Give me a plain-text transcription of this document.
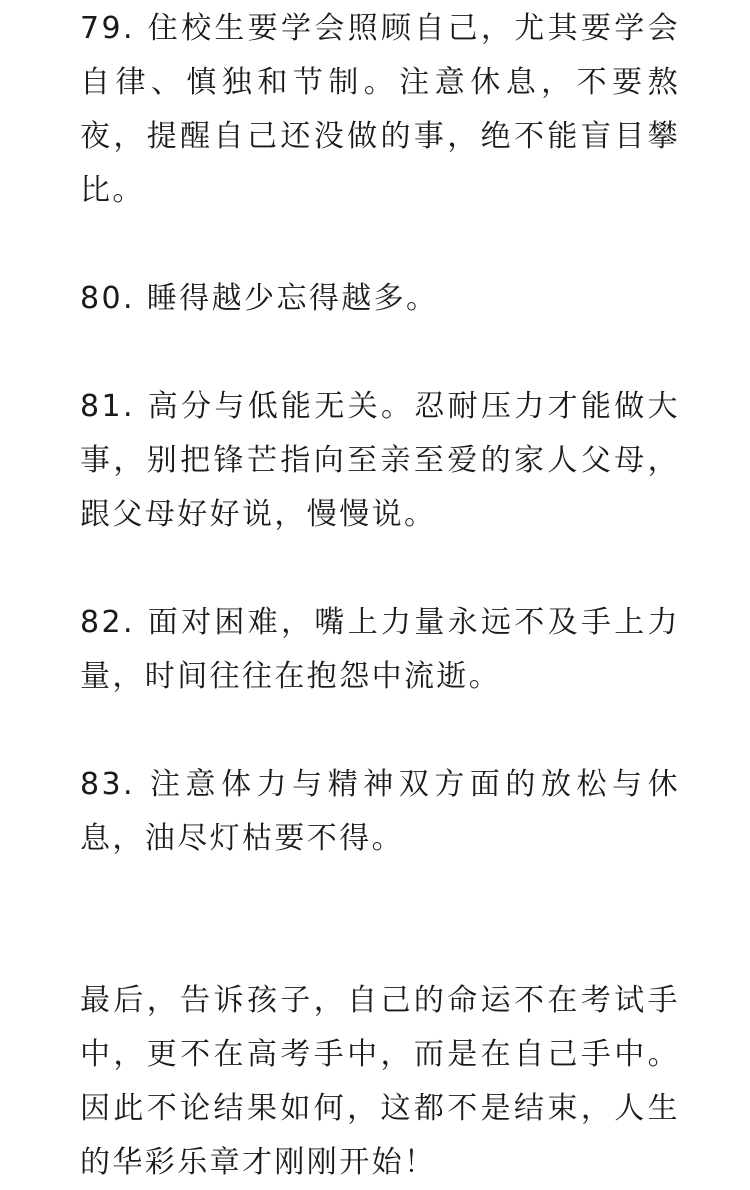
79. 住校生要学会照顾自己，尤其要学会自律、慎独和节制。注意休息，不要熬夜，提醒自己还没做的事，绝不能盲目攀比。

80. 睡得越少忘得越多。

81. 高分与低能无关。忍耐压力才能做大事，别把锋芒指向至亲至爱的家人父母，跟父母好好说，慢慢说。

82. 面对困难，嘴上力量永远不及手上力量，时间往往在抱怨中流逝。

83. 注意体力与精神双方面的放松与休息，油尽灯枯要不得。

最后，告诉孩子，自己的命运不在考试手中，更不在高考手中，而是在自己手中。因此不论结果如何，这都不是结束，人生的华彩乐章才刚刚开始！
